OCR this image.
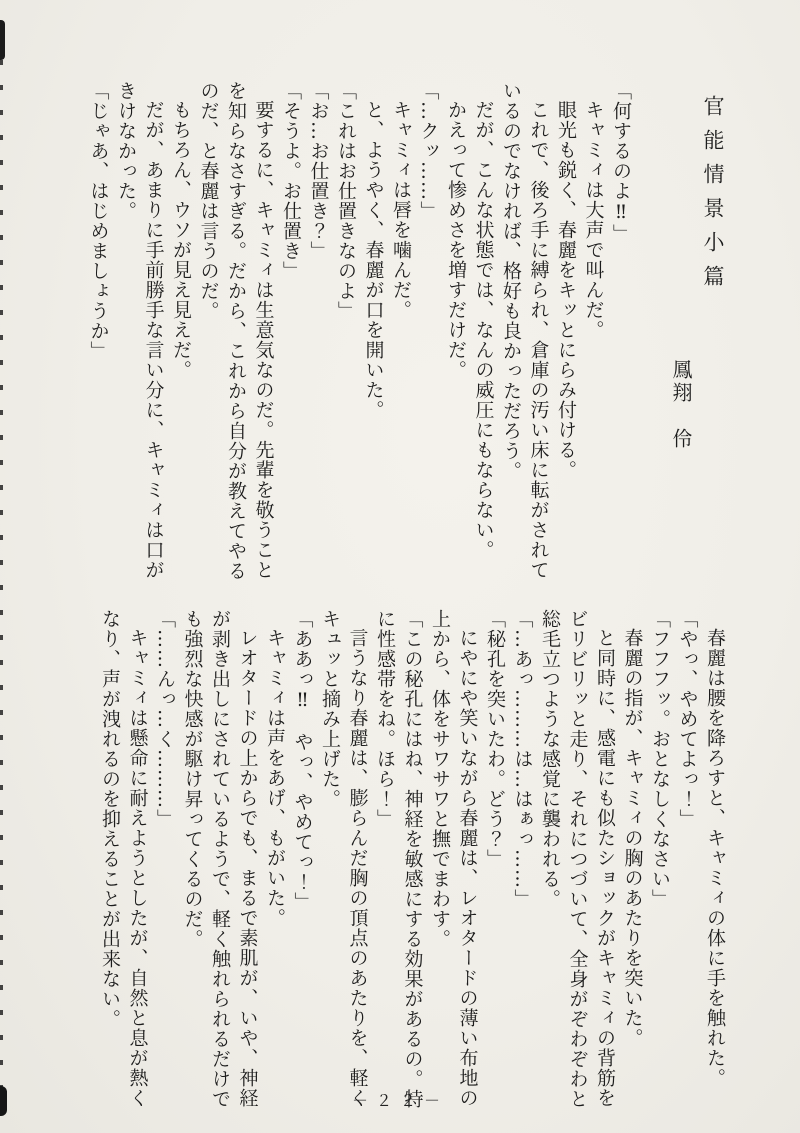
官能情景小篇

鳳翔　伶

「何するのよ‼」

キャミィは大声で叫んだ。

眼光も鋭く、春麗をキッとにらみ付ける。

これで、後ろ手に縛られ、倉庫の汚い床に転がされて

いるのでなければ、格好も良かっただろう。

だが、こんな状態では、なんの威圧にもならない。

かえって惨めさを増すだけだ。

「…クッ……」

キャミィは唇を噛んだ。

と、ようやく、春麗が口を開いた。

「これはお仕置きなのよ」

「お…お仕置き？」

「そうよ。お仕置き」

要するに、キャミィは生意気なのだ。先輩を敬うこと

を知らなさすぎる。だから、これから自分が教えてやる

のだ、と春麗は言うのだ。

もちろん、ウソが見え見えだ。

だが、あまりに手前勝手な言い分に、キャミィは口が

きけなかった。

「じゃあ、はじめましょうか」

春麗は腰を降ろすと、キャミィの体に手を触れた。

「やっ、やめてよっ！」

「フフフッ。おとなしくなさい」

春麗の指が、キャミィの胸のあたりを突いた。

と同時に、感電にも似たショックがキャミィの背筋を

ビリビリッと走り、それにつづいて、全身がぞわぞわと

総毛立つような感覚に襲われる。

「…あっ………は…はぁっ……」

「秘孔を突いたわ。どう？」

にやにや笑いながら春麗は、レオタードの薄い布地の

上から、体をサワサワと撫でまわす。

「この秘孔にはね、神経を敏感にする効果があるの。特

に性感帯をね。ほら！」

言うなり春麗は、膨らんだ胸の頂点のあたりを、軽く

キュッと摘み上げた。

「ああっ‼　やっ、やめてっ！」

キャミィは声をあげ、もがいた。

レオタードの上からでも、まるで素肌が、いや、神経

が剥き出しにされているようで、軽く触れられるだけで

も強烈な快感が駆け昇ってくるのだ。

「……んっ…く………」

キャミィは懸命に耐えようとしたが、自然と息が熱く

なり、声が洩れるのを抑えることが出来ない。

－２２－
